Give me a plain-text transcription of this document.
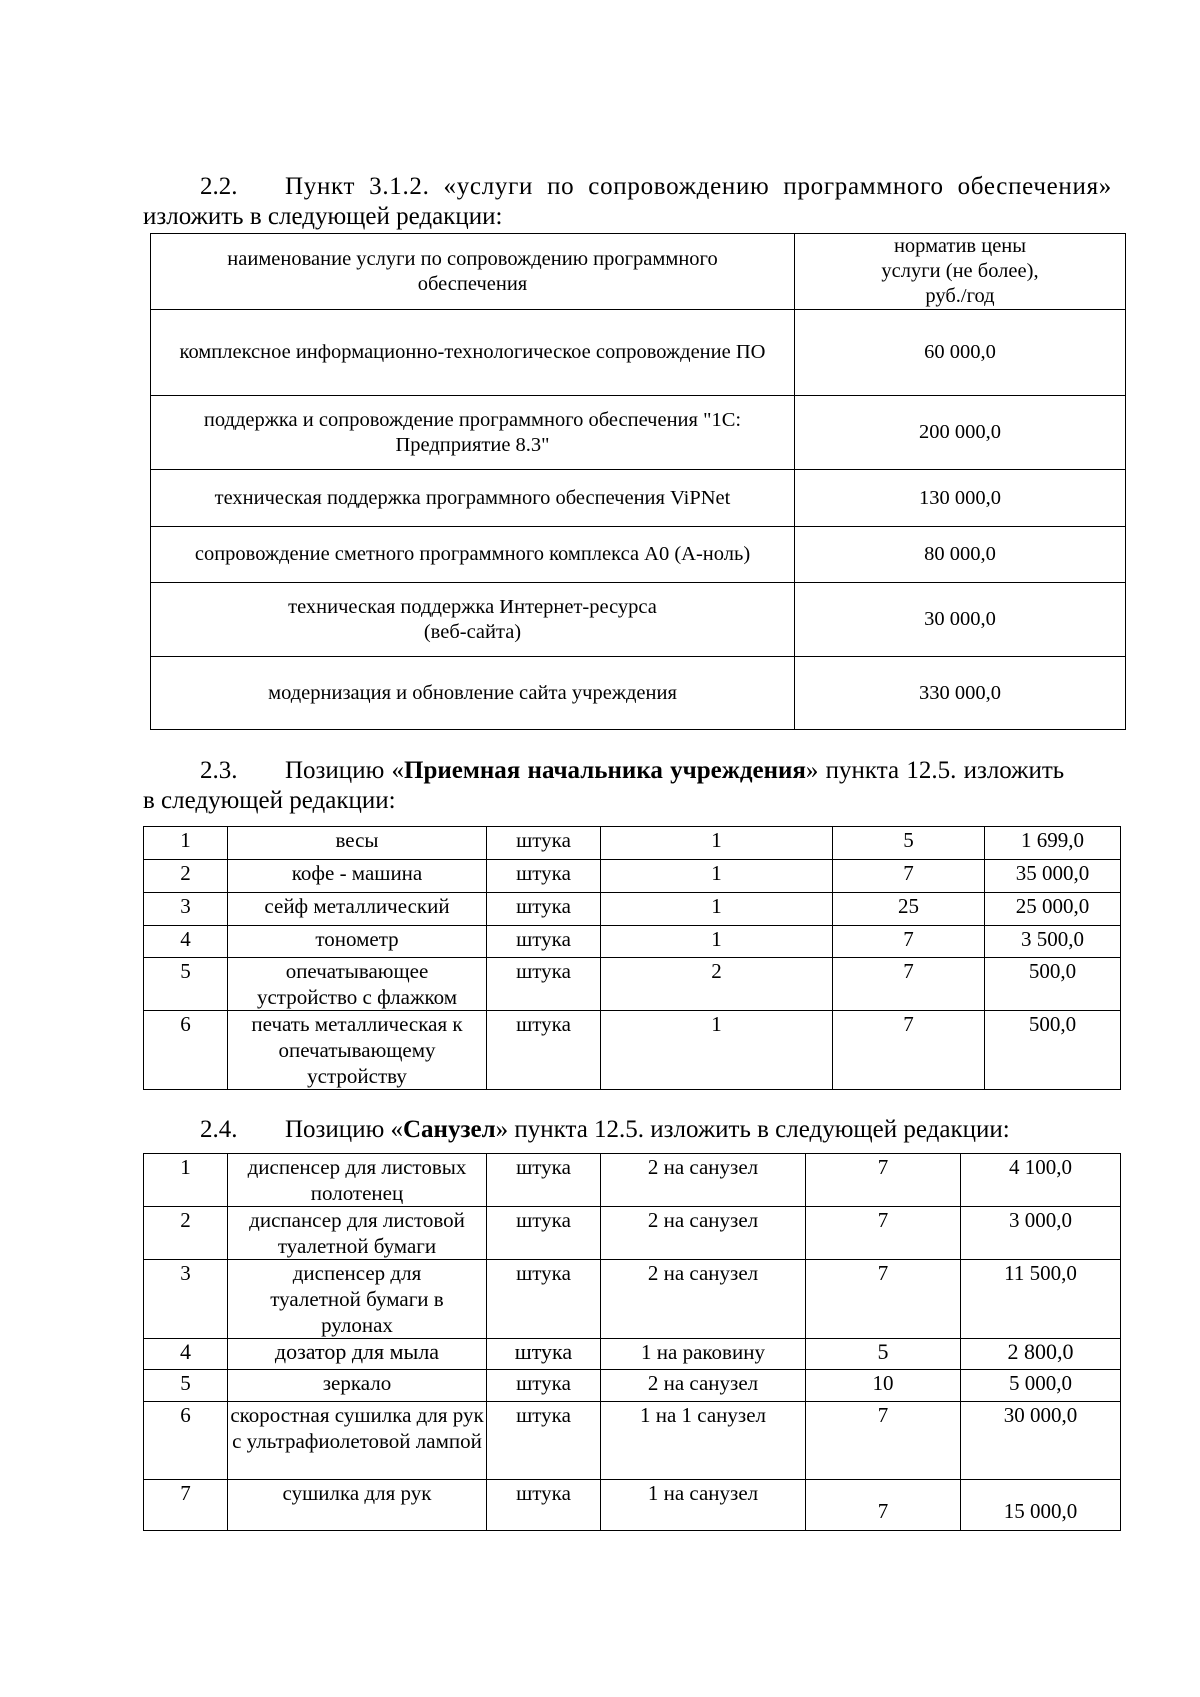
2.2. Пункт 3.1.2. «услуги по сопровождению программного обеспечения»
изложить в следующей редакции:
наименование услуги по сопровождению программного обеспечения	норматив цены услуги (не более), руб./год
комплексное информационно-технологическое сопровождение ПО	60 000,0
поддержка и сопровождение программного обеспечения "1С: Предприятие 8.3"	200 000,0
техническая поддержка программного обеспечения ViPNet	130 000,0
сопровождение сметного программного комплекса А0 (А-ноль)	80 000,0
техническая поддержка Интернет-ресурса (веб-сайта)	30 000,0
модернизация и обновление сайта учреждения	330 000,0
2.3. Позицию «Приемная начальника учреждения» пункта 12.5. изложить
в следующей редакции:
1	весы	штука	1	5	1 699,0
2	кофе - машина	штука	1	7	35 000,0
3	сейф металлический	штука	1	25	25 000,0
4	тонометр	штука	1	7	3 500,0
5	опечатывающее устройство с флажком	штука	2	7	500,0
6	печать металлическая к опечатывающему устройству	штука	1	7	500,0
2.4. Позицию «Санузел» пункта 12.5. изложить в следующей редакции:
1	диспенсер для листовых полотенец	штука	2 на санузел	7	4 100,0
2	диспансер для листовой туалетной бумаги	штука	2 на санузел	7	3 000,0
3	диспенсер для туалетной бумаги в рулонах	штука	2 на санузел	7	11 500,0
4	дозатор для мыла	штука	1 на раковину	5	2 800,0
5	зеркало	штука	2 на санузел	10	5 000,0
6	скоростная сушилка для рук с ультрафиолетовой лампой	штука	1 на 1 санузел	7	30 000,0
7	сушилка для рук	штука	1 на санузел	7	15 000,0
